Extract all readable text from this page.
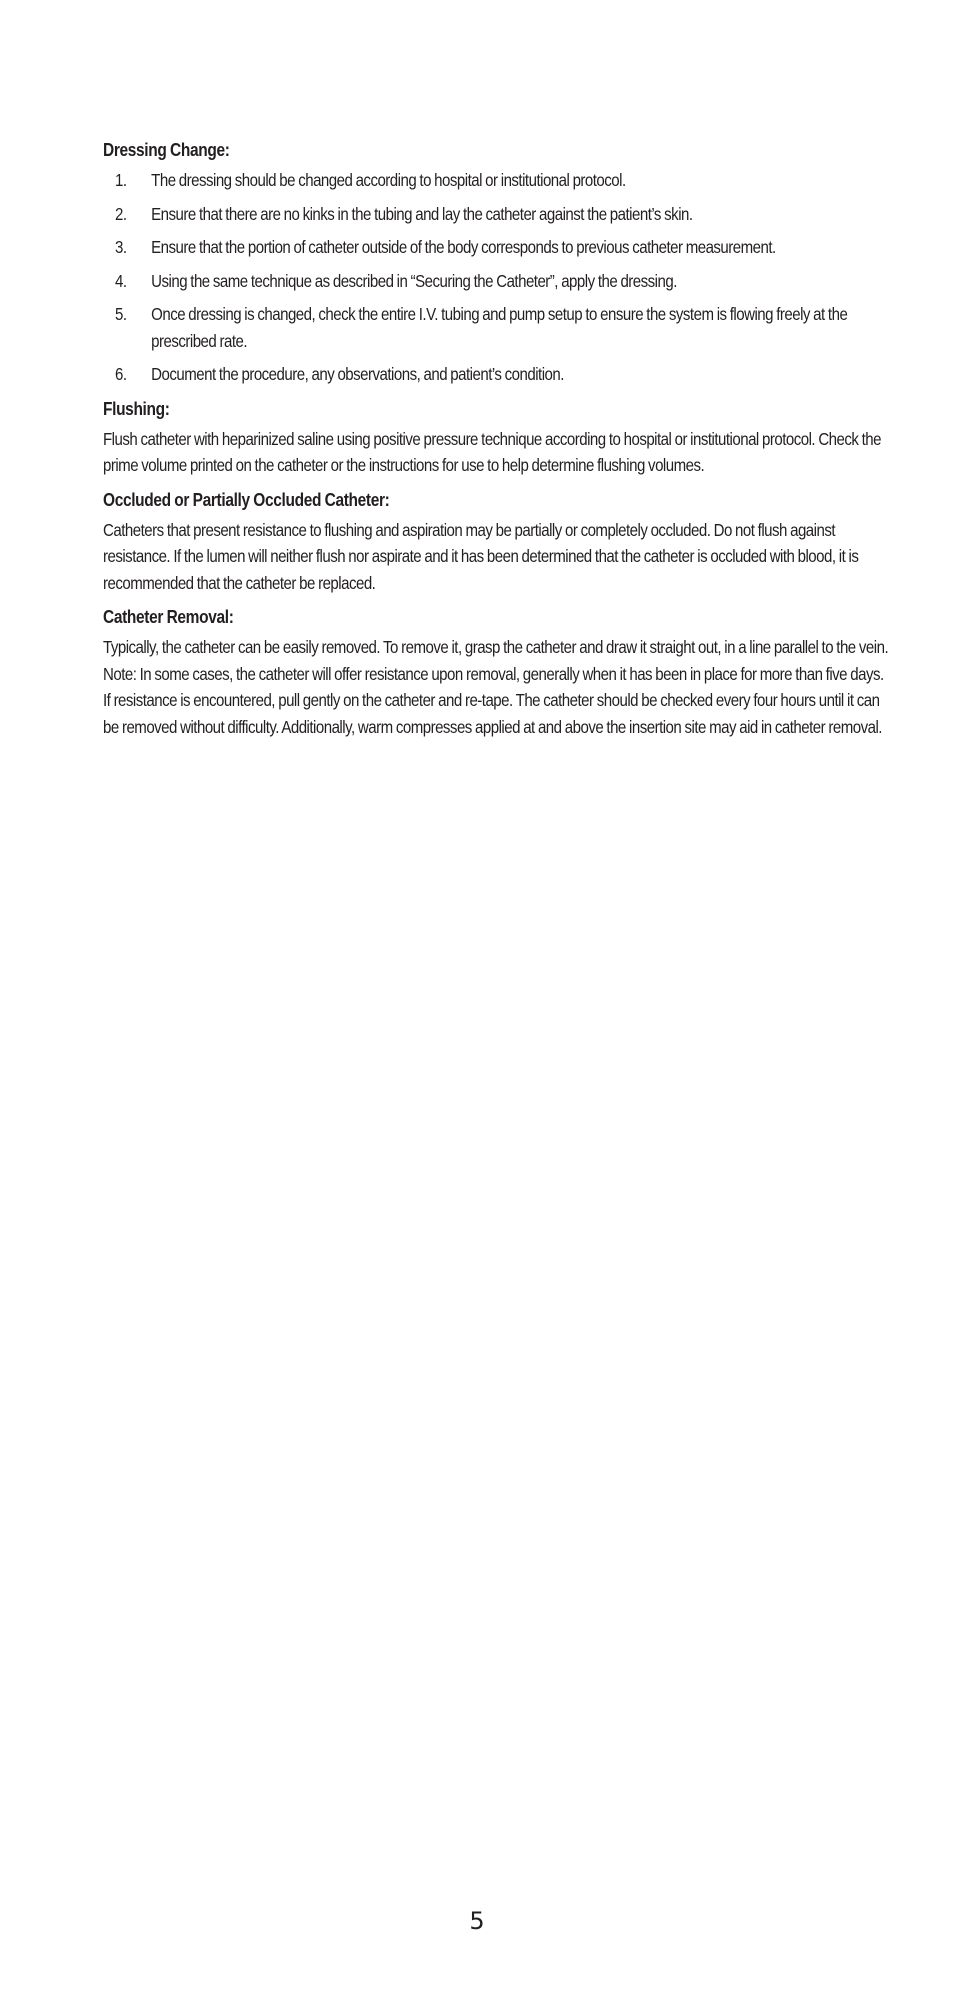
Dressing Change:
1. The dressing should be changed according to hospital or institutional protocol.
2. Ensure that there are no kinks in the tubing and lay the catheter against the patient’s skin.
3. Ensure that the portion of catheter outside of the body corresponds to previous catheter measurement.
4. Using the same technique as described in “Securing the Catheter”, apply the dressing.
5. Once dressing is changed, check the entire I.V. tubing and pump setup to ensure the system is flowing freely at the prescribed rate.
6. Document the procedure, any observations, and patient’s condition.
Flushing:

Flush catheter with heparinized saline using positive pressure technique according to hospital or institutional protocol. Check the prime volume printed on the catheter or the instructions for use to help determine flushing volumes.

Occluded or Partially Occluded Catheter:

Catheters that present resistance to flushing and aspiration may be partially or completely occluded. Do not flush against resistance. If the lumen will neither flush nor aspirate and it has been determined that the catheter is occluded with blood, it is recommended that the catheter be replaced.

Catheter Removal:

Typically, the catheter can be easily removed. To remove it, grasp the catheter and draw it straight out, in a line parallel to the vein.

Note: In some cases, the catheter will offer resistance upon removal, generally when it has been in place for more than five days. If resistance is encountered, pull gently on the catheter and re-tape. The catheter should be checked every four hours until it can be removed without difficulty. Additionally, warm compresses applied at and above the insertion site may aid in catheter removal.

5
